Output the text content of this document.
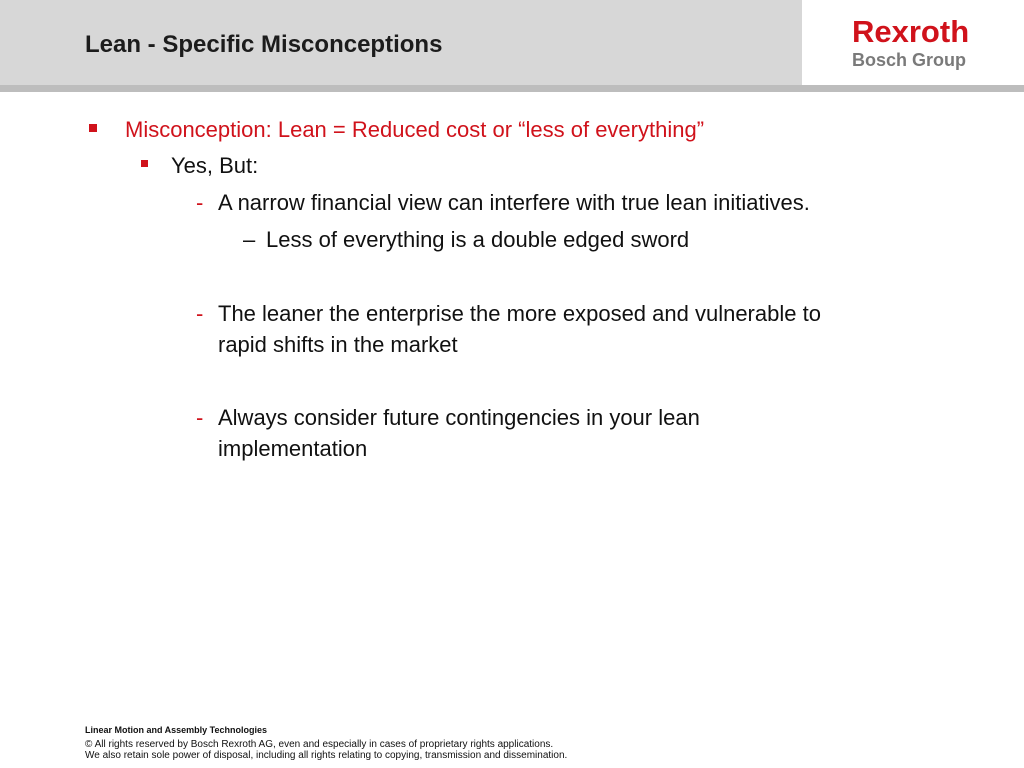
Lean - Specific Misconceptions	Rexroth
Bosch Group
Misconception: Lean = Reduced cost or “less of everything”
Yes, But:
- A narrow financial view can interfere with true lean initiatives.
– Less of everything is a double edged sword
- The leaner the enterprise the more exposed and vulnerable to
rapid shifts in the market
- Always consider future contingencies in your lean
implementation
Linear Motion and Assembly Technologies
© All rights reserved by Bosch Rexroth AG, even and especially in cases of proprietary rights applications.
We also retain sole power of disposal, including all rights relating to copying, transmission and dissemination.
